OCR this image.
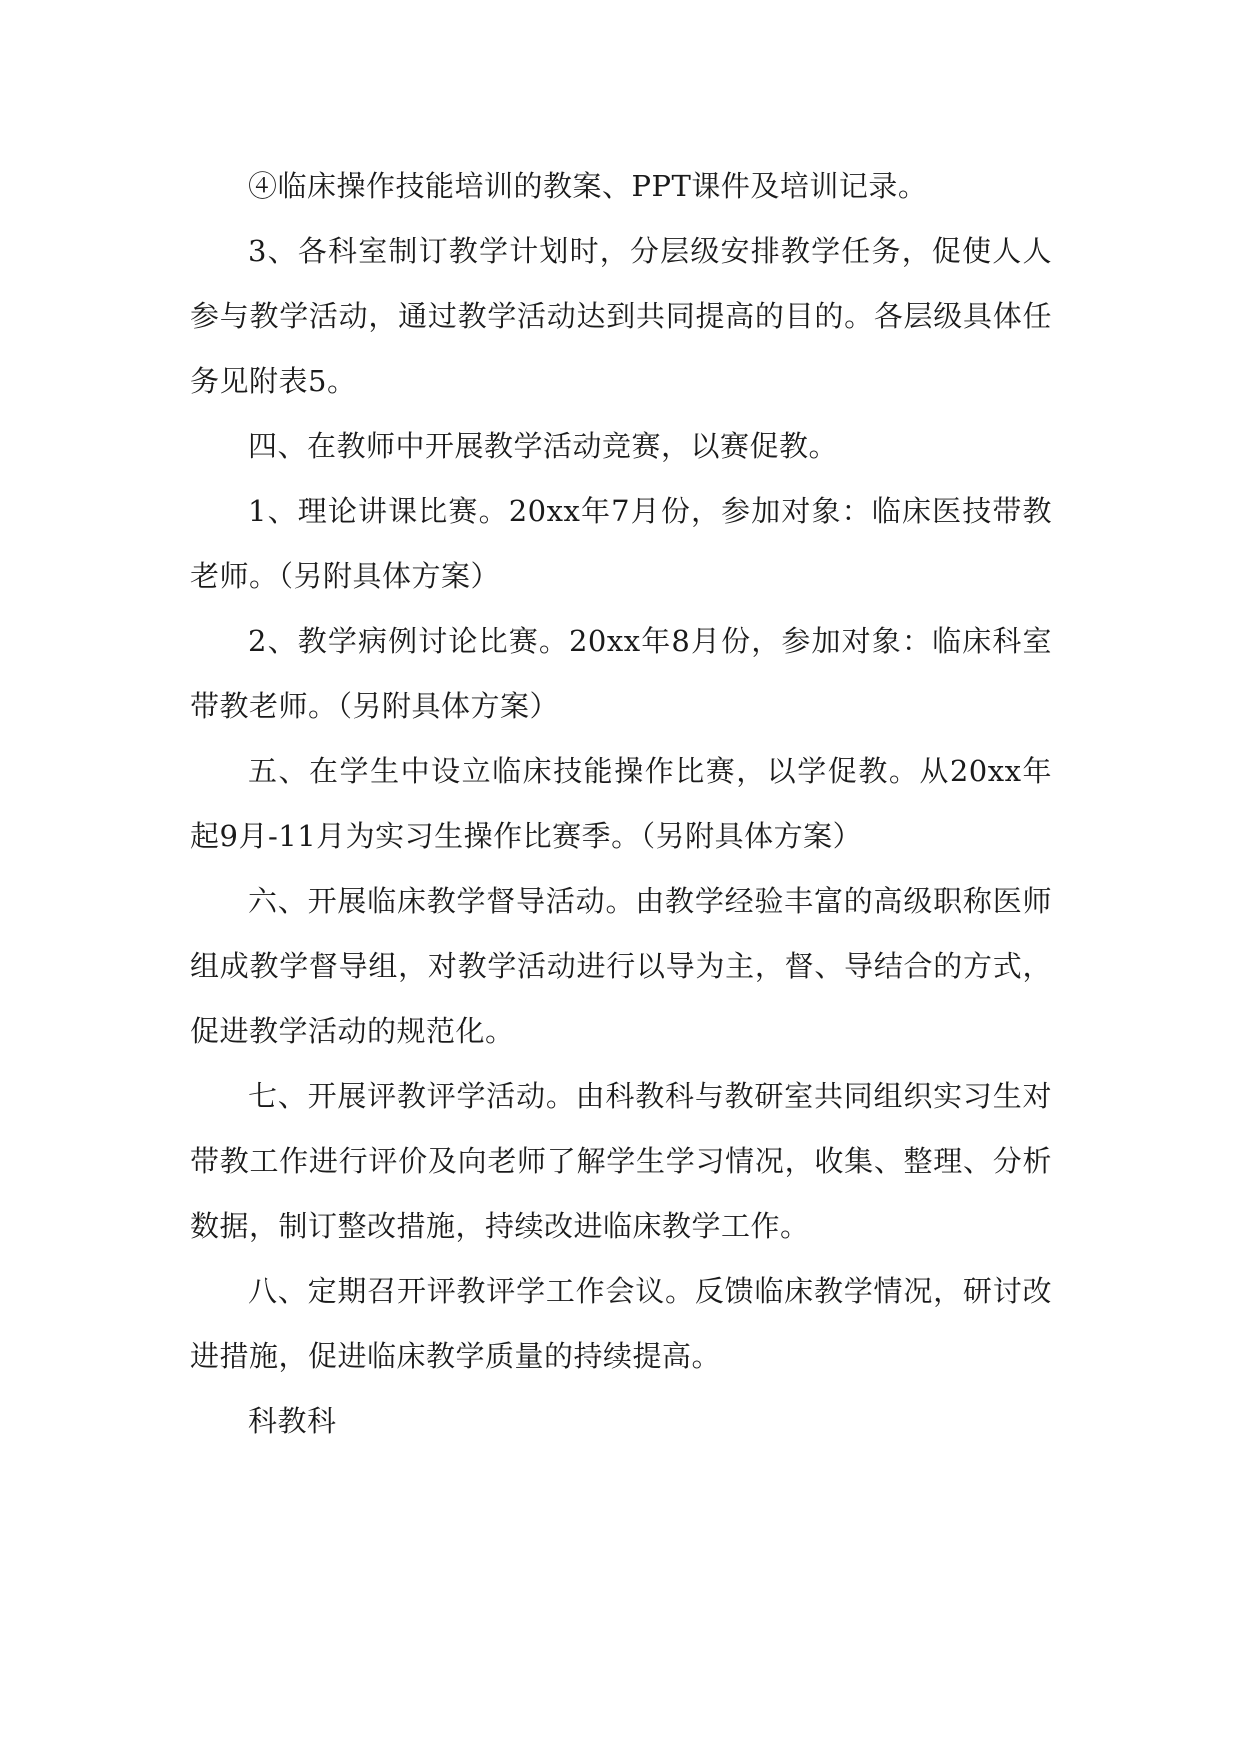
④临床操作技能培训的教案、PPT课件及培训记录。

3、各科室制订教学计划时，分层级安排教学任务，促使人人参与教学活动，通过教学活动达到共同提高的目的。各层级具体任务见附表5。

四、在教师中开展教学活动竞赛，以赛促教。

1、理论讲课比赛。20xx年7月份，参加对象：临床医技带教老师。（另附具体方案）

2、教学病例讨论比赛。20xx年8月份，参加对象：临床科室带教老师。（另附具体方案）

五、在学生中设立临床技能操作比赛，以学促教。从20xx年起9月-11月为实习生操作比赛季。（另附具体方案）

六、开展临床教学督导活动。由教学经验丰富的高级职称医师组成教学督导组，对教学活动进行以导为主，督、导结合的方式，促进教学活动的规范化。

七、开展评教评学活动。由科教科与教研室共同组织实习生对带教工作进行评价及向老师了解学生学习情况，收集、整理、分析数据，制订整改措施，持续改进临床教学工作。

八、定期召开评教评学工作会议。反馈临床教学情况，研讨改进措施，促进临床教学质量的持续提高。

科教科
